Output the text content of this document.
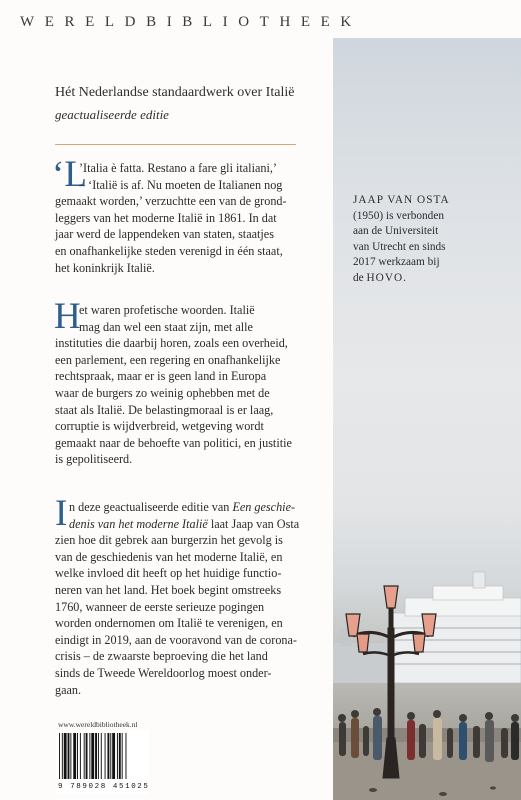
WERELDBIBLIOTHEEK
Hét Nederlandse standaardwerk over Italië
geactualiseerde editie
‘L
’Italia è fatta. Restano a fare gli italiani,’
– ‘Italië is af. Nu moeten de Italianen nog
gemaakt worden,’ verzuchtte een van de grond-
leggers van het moderne Italië in 1861. In dat
jaar werd de lappendeken van staten, staatjes
en onafhankelijke steden verenigd in één staat,
het koninkrijk Italië.
H
et waren profetische woorden. Italië
mag dan wel een staat zijn, met alle
instituties die daarbij horen, zoals een overheid,
een parlement, een regering en onafhankelijke
rechtspraak, maar er is geen land in Europa
waar de burgers zo weinig ophebben met de
staat als Italië. De belastingmoraal is er laag,
corruptie is wijdverbreid, wetgeving wordt
gemaakt naar de behoefte van politici, en justitie
is gepolitiseerd.
I n deze geactualiseerde editie van Een geschie-
denis van het moderne Italië laat Jaap van Osta
zien hoe dit gebrek aan burgerzin het gevolg is
van de geschiedenis van het moderne Italië, en
welke invloed dit heeft op het huidige functio-
neren van het land. Het boek begint omstreeks
1760, wanneer de eerste serieuze pogingen
worden ondernomen om Italië te verenigen, en
eindigt in 2019, aan de vooravond van de corona-
crisis – de zwaarste beproeving die het land
sinds de Tweede Wereldoorlog moest onder-
gaan.
JAAP VAN OSTA
(1950) is verbonden
aan de Universiteit
van Utrecht en sinds
2017 werkzaam bij
de HOVO.
www.wereldbibliotheek.nl
9 789028 451025
